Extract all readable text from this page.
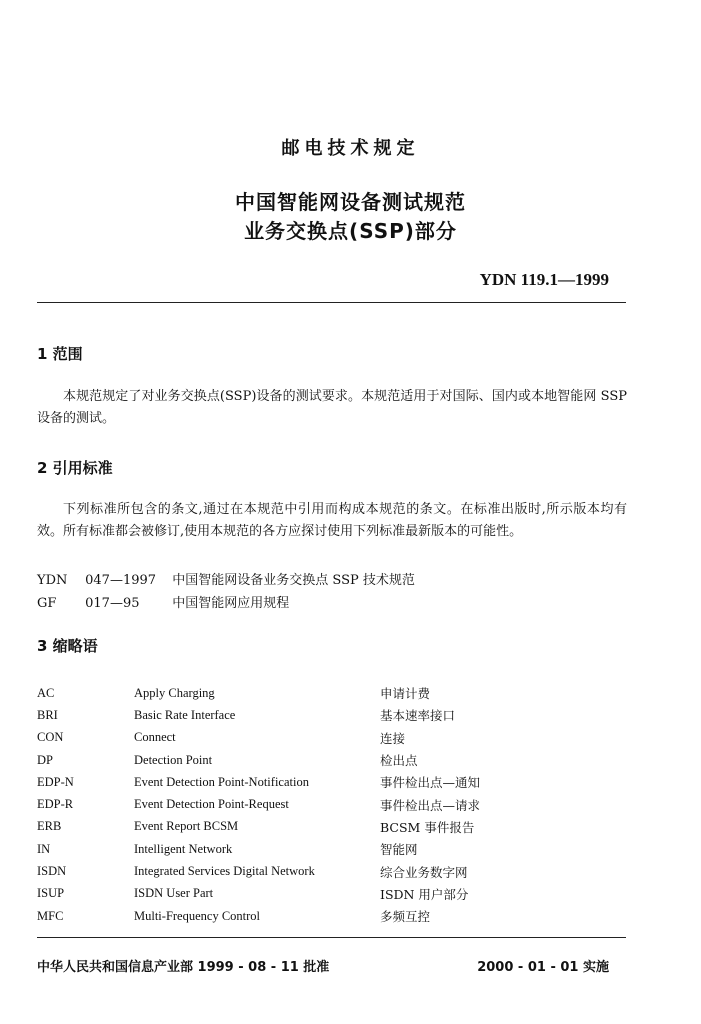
邮电技术规定
中国智能网设备测试规范
业务交换点(SSP)部分
YDN 119.1—1999
1 范围

本规范规定了对业务交换点(SSP)设备的测试要求。本规范适用于对国际、国内或本地智能网 SSP 设备的测试。

2 引用标准

下列标准所包含的条文,通过在本规范中引用而构成本规范的条文。在标准出版时,所示版本均有效。所有标准都会被修订,使用本规范的各方应探讨使用下列标准最新版本的可能性。

YDN 047—1997 中国智能网设备业务交换点 SSP 技术规范
GF 017—95	中国智能网应用规程
3 缩略语
AC	Apply Charging	申请计费
BRI	Basic Rate Interface	基本速率接口
CON	Connect	连接
DP	Detection Point	检出点
EDP-N	Event Detection Point-Notification	事件检出点—通知
EDP-R	Event Detection Point-Request	事件检出点—请求
ERB	Event Report BCSM	BCSM 事件报告
IN	Intelligent Network	智能网
ISDN	Integrated Services Digital Network	综合业务数字网
ISUP	ISDN User Part	ISDN 用户部分
MFC	Multi-Frequency Control	多频互控
中华人民共和国信息产业部 1999 - 08 - 11 批准	2000 - 01 - 01 实施
